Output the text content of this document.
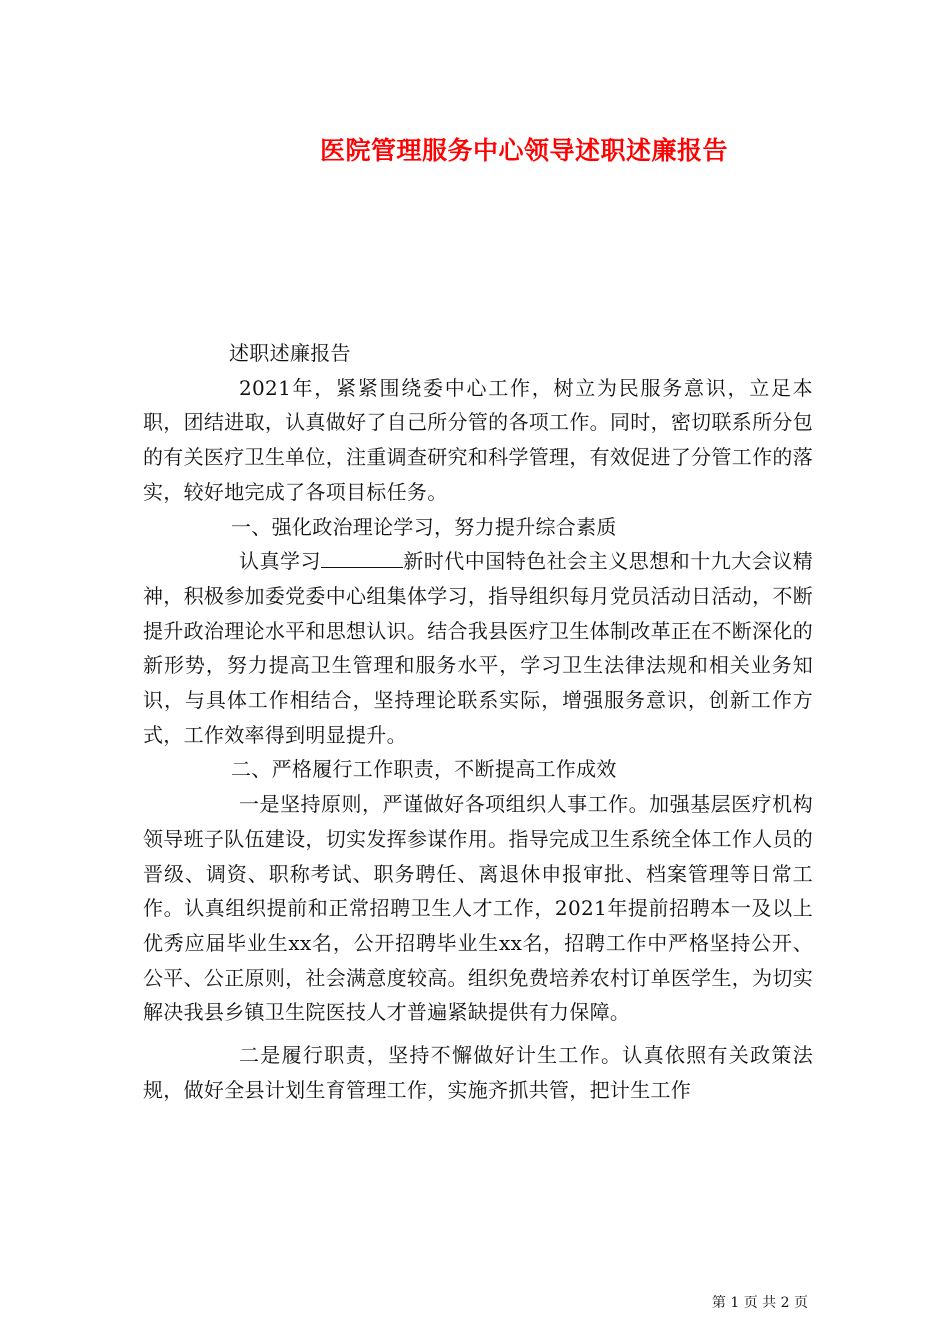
医院管理服务中心领导述职述廉报告

述职述廉报告

2021年，紧紧围绕委中心工作，树立为民服务意识，立足本职，团结进取，认真做好了自己所分管的各项工作。同时，密切联系所分包的有关医疗卫生单位，注重调查研究和科学管理，有效促进了分管工作的落实，较好地完成了各项目标任务。

一、强化政治理论学习，努力提升综合素质

认真学习	新时代中国特色社会主义思想和十九大会议精神，积极参加委党委中心组集体学习，指导组织每月党员活动日活动，不断提升政治理论水平和思想认识。结合我县医疗卫生体制改革正在不断深化的新形势，努力提高卫生管理和服务水平，学习卫生法律法规和相关业务知识，与具体工作相结合，坚持理论联系实际，增强服务意识，创新工作方式，工作效率得到明显提升。

二、严格履行工作职责，不断提高工作成效

一是坚持原则，严谨做好各项组织人事工作。加强基层医疗机构领导班子队伍建设，切实发挥参谋作用。指导完成卫生系统全体工作人员的晋级、调资、职称考试、职务聘任、离退休申报审批、档案管理等日常工作。认真组织提前和正常招聘卫生人才工作，2021年提前招聘本一及以上优秀应届毕业生xx名，公开招聘毕业生xx名，招聘工作中严格坚持公开、公平、公正原则，社会满意度较高。组织免费培养农村订单医学生，为切实解决我县乡镇卫生院医技人才普遍紧缺提供有力保障。

二是履行职责，坚持不懈做好计生工作。认真依照有关政策法规，做好全县计划生育管理工作，实施齐抓共管，把计生工作

第 1 页 共 2 页
